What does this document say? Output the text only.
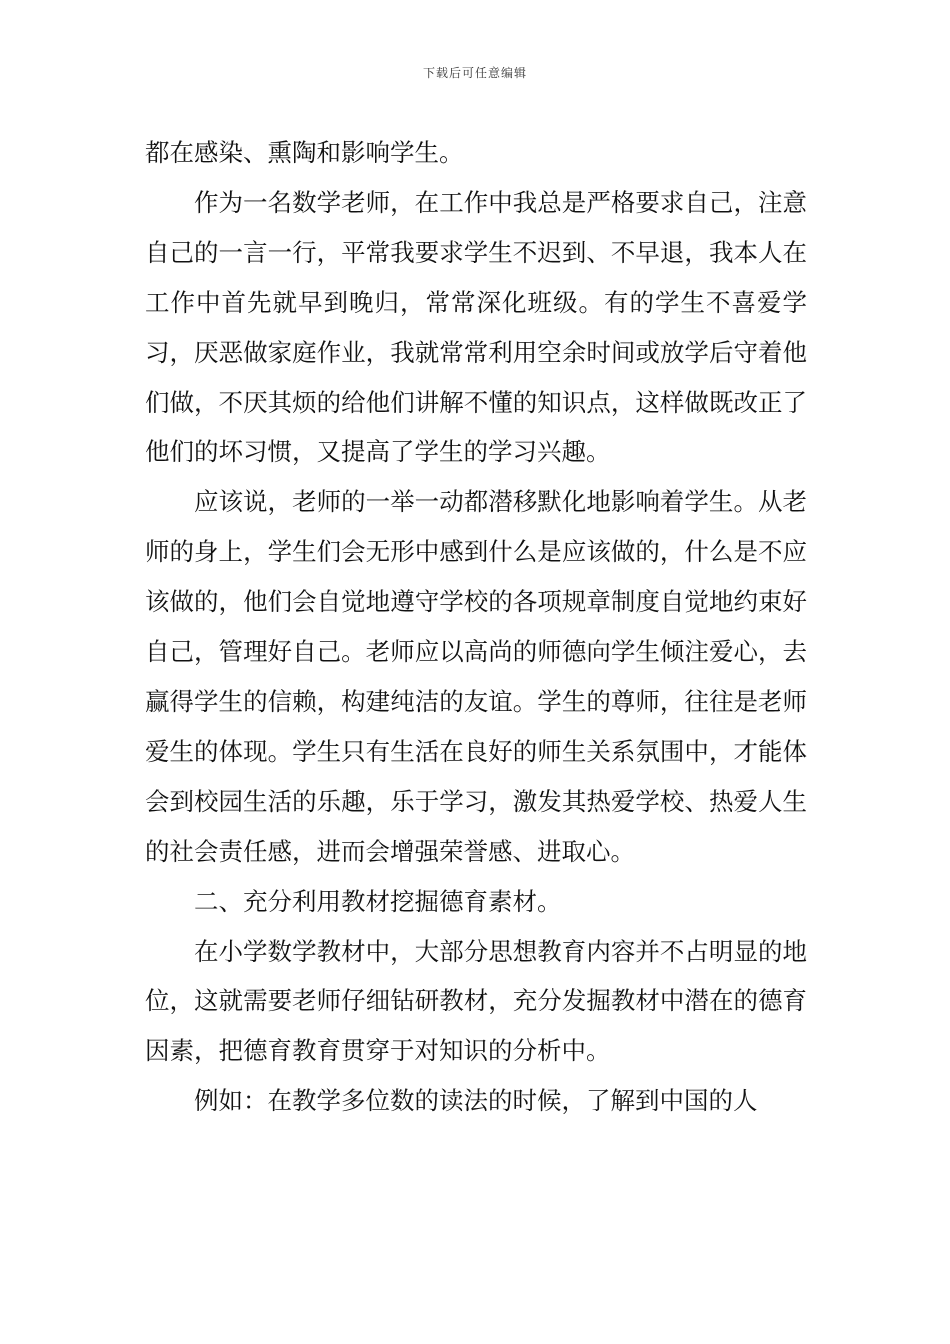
下载后可任意编辑

都在感染、熏陶和影响学生。

作为一名数学老师，在工作中我总是严格要求自己，注意自己的一言一行，平常我要求学生不迟到、不早退，我本人在工作中首先就早到晚归，常常深化班级。有的学生不喜爱学习，厌恶做家庭作业，我就常常利用空余时间或放学后守着他们做，不厌其烦的给他们讲解不懂的知识点，这样做既改正了他们的坏习惯，又提高了学生的学习兴趣。

应该说，老师的一举一动都潜移默化地影响着学生。从老师的身上，学生们会无形中感到什么是应该做的，什么是不应该做的，他们会自觉地遵守学校的各项规章制度自觉地约束好自己，管理好自己。老师应以高尚的师德向学生倾注爱心，去赢得学生的信赖，构建纯洁的友谊。学生的尊师，往往是老师爱生的体现。学生只有生活在良好的师生关系氛围中，才能体会到校园生活的乐趣，乐于学习，激发其热爱学校、热爱人生的社会责任感，进而会增强荣誉感、进取心。

二、充分利用教材挖掘德育素材。

在小学数学教材中，大部分思想教育内容并不占明显的地位，这就需要老师仔细钻研教材，充分发掘教材中潜在的德育因素，把德育教育贯穿于对知识的分析中。

例如：在教学多位数的读法的时候，了解到中国的人
